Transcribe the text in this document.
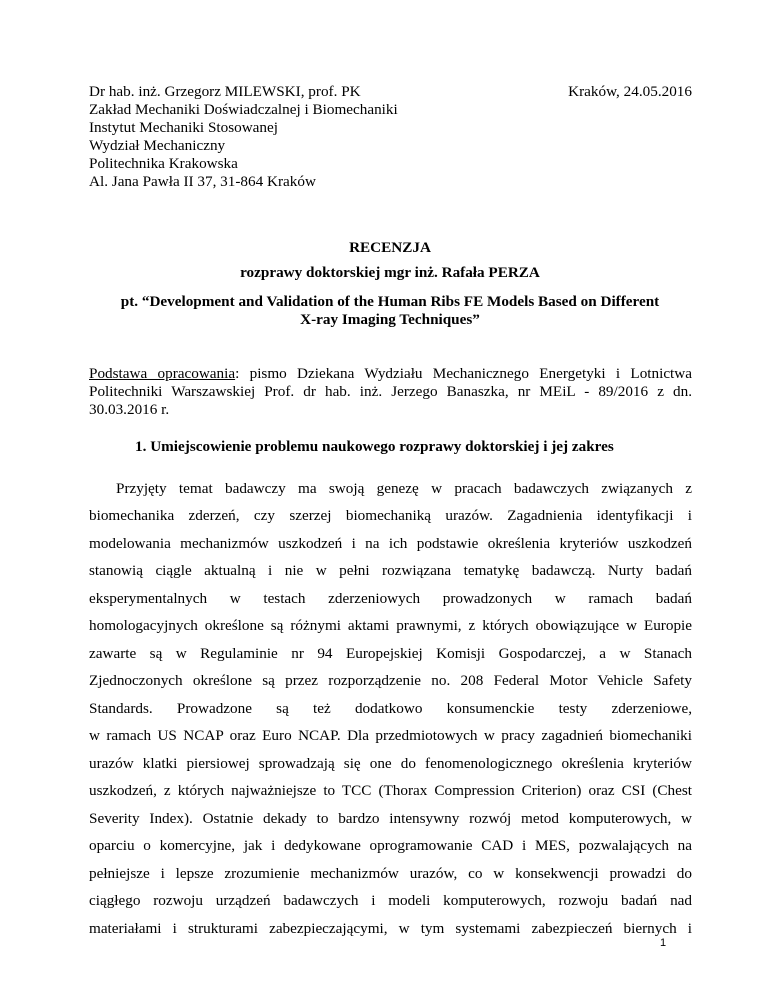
Dr hab. inż. Grzegorz MILEWSKI, prof. PK
Zakład Mechaniki Doświadczalnej i Biomechaniki
Instytut Mechaniki Stosowanej
Wydział Mechaniczny
Politechnika Krakowska
Al. Jana Pawła II 37, 31-864 Kraków
Kraków, 24.05.2016
RECENZJA
rozprawy doktorskiej mgr inż. Rafała PERZA
pt. “Development and Validation of the Human Ribs FE Models Based on Different
X-ray Imaging Techniques”
Podstawa opracowania: pismo Dziekana Wydziału Mechanicznego Energetyki i Lotnictwa Politechniki Warszawskiej Prof. dr hab. inż. Jerzego Banaszka, nr MEiL - 89/2016 z dn. 30.03.2016 r.
1. Umiejscowienie problemu naukowego rozprawy doktorskiej i jej zakres
Przyjęty temat badawczy ma swoją genezę w pracach badawczych związanych z
biomechanika zderzeń, czy szerzej biomechaniką urazów. Zagadnienia identyfikacji i
modelowania mechanizmów uszkodzeń i na ich podstawie określenia kryteriów uszkodzeń
stanowią ciągle aktualną i nie w pełni rozwiązana tematykę badawczą. Nurty badań
eksperymentalnych w testach zderzeniowych prowadzonych w ramach badań
homologacyjnych określone są różnymi aktami prawnymi, z których obowiązujące w Europie
zawarte są w Regulaminie nr 94 Europejskiej Komisji Gospodarczej, a w Stanach
Zjednoczonych określone są przez rozporządzenie no. 208 Federal Motor Vehicle Safety
Standards. Prowadzone są też dodatkowo konsumenckie testy zderzeniowe,
w ramach US NCAP oraz Euro NCAP. Dla przedmiotowych w pracy zagadnień biomechaniki
urazów klatki piersiowej sprowadzają się one do fenomenologicznego określenia kryteriów
uszkodzeń, z których najważniejsze to TCC (Thorax Compression Criterion) oraz CSI (Chest
Severity Index). Ostatnie dekady to bardzo intensywny rozwój metod komputerowych, w
oparciu o komercyjne, jak i dedykowane oprogramowanie CAD i MES, pozwalających na
pełniejsze i lepsze zrozumienie mechanizmów urazów, co w konsekwencji prowadzi do
ciągłego rozwoju urządzeń badawczych i modeli komputerowych, rozwoju badań nad
materiałami i strukturami zabezpieczającymi, w tym systemami zabezpieczeń biernych i
1
